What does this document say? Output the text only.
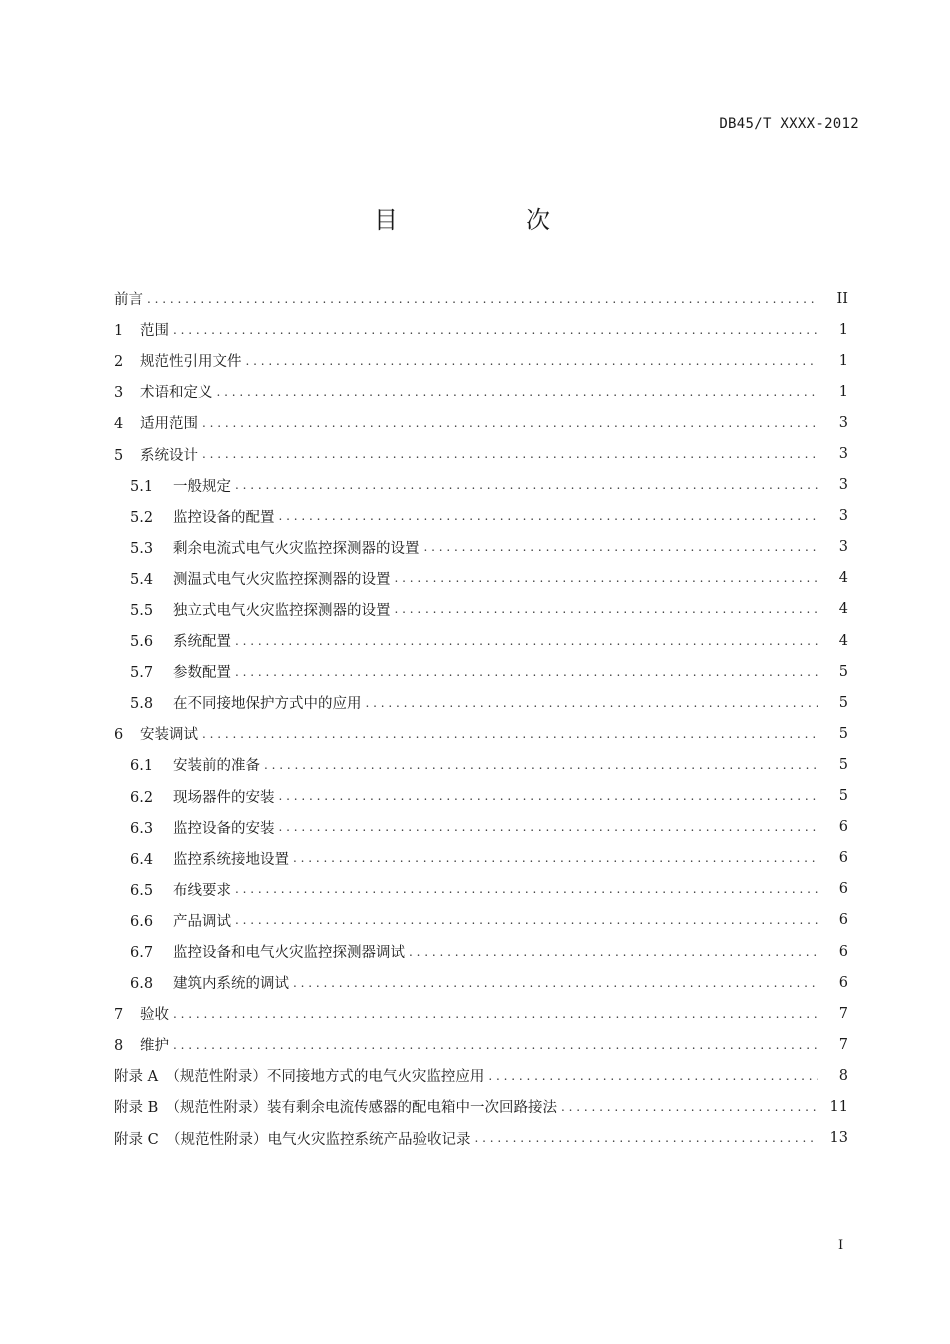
DB45/T XXXX-2012
目　次
前言 . . .	II
1 范围 . . .	1
2 规范性引用文件 . . .	1
3 术语和定义 . . .	1
4 适用范围 . . .	3
5 系统设计 . . .	3
5.1 一般规定 . . .	3
5.2 监控设备的配置 . . .	3
5.3 剩余电流式电气火灾监控探测器的设置 . . .	3
5.4 测温式电气火灾监控探测器的设置 . . .	4
5.5 独立式电气火灾监控探测器的设置 . . .	4
5.6 系统配置 . . .	4
5.7 参数配置 . . .	5
5.8 在不同接地保护方式中的应用 . . .	5
6 安装调试 . . .	5
6.1 安装前的准备 . . .	5
6.2 现场器件的安装 . . .	5
6.3 监控设备的安装 . . .	6
6.4 监控系统接地设置 . . .	6
6.5 布线要求 . . .	6
6.6 产品调试 . . .	6
6.7 监控设备和电气火灾监控探测器调试 . . .	6
6.8 建筑内系统的调试 . . .	6
7 验收 . . .	7
8 维护 . . .	7
附录 A　（规范性附录）不同接地方式的电气火灾监控应用 . . .	8
附录 B　（规范性附录）装有剩余电流传感器的配电箱中一次回路接法 . . .	11
附录 C　（规范性附录）电气火灾监控系统产品验收记录 . . .	13
I
